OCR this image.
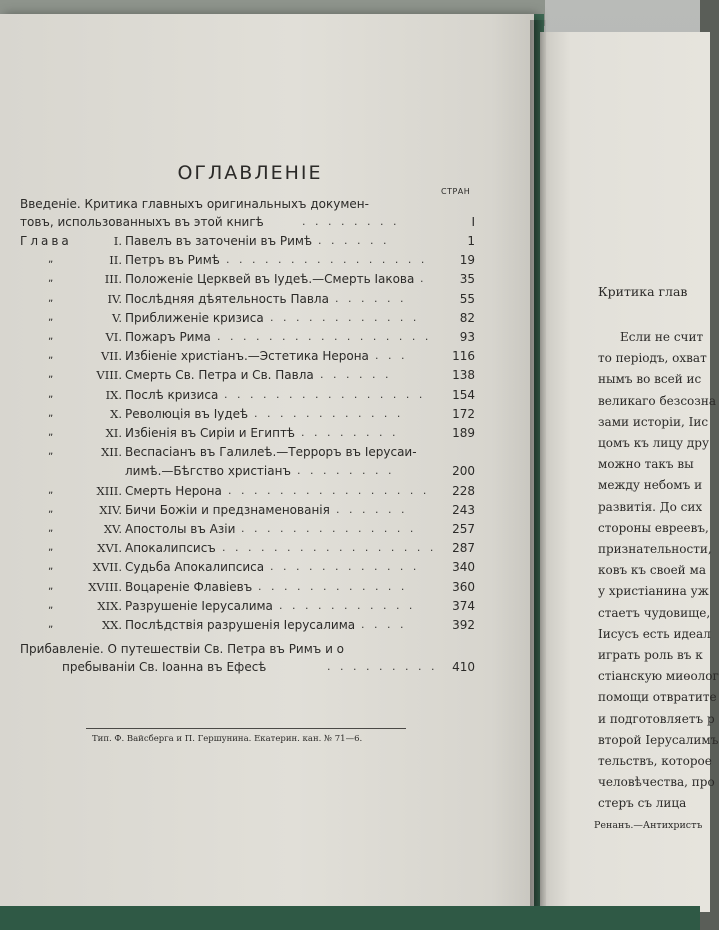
ОГЛАВЛЕНІЕ
СТРАН
Введеніе. Критика главныхъ оригинальныхъ докумен-
товъ, использованныхъ въ этой книгѣ	. . . . . . . .	I
Глава	I. Павелъ въ заточеніи въ Римѣ . . . . . .	1
„	II. Петръ въ Римѣ . . . . . . . . . . . . . . . .	19
„	III. Положеніе Церквей въ Іудеѣ.—Смерть Іакова .	35
„	IV. Послѣдняя дѣятельность Павла . . . . . .	55
„	V. Приближеніе кризиса . . . . . . . . . . . .	82
„	VI. Пожаръ Рима . . . . . . . . . . . . . . . . .	93
„	VII. Избіеніе христіанъ.—Эстетика Нерона . . .	116
„	VIII. Смерть Св. Петра и Св. Павла . . . . . .	138
„	IX. Послѣ кризиса . . . . . . . . . . . . . . . .	154
„	X. Революція въ Іудеѣ . . . . . . . . . . . .	172
„	XI. Избіенія въ Сиріи и Египтѣ . . . . . . . .	189
„	XII. Веспасіанъ въ Галилеѣ.—Терроръ въ Іерусаи-
лимѣ.—Бѣгство христіанъ . . . . . . . .	200
„	XIII. Смерть Нерона . . . . . . . . . . . . . . . .	228
„	XIV. Бичи Божіи и предзнаменованія . . . . . .	243
„	XV. Апостолы въ Азіи . . . . . . . . . . . . . .	257
„	XVI. Апокалипсисъ . . . . . . . . . . . . . . . . .	287
„	XVII. Судьба Апокалипсиса . . . . . . . . . . . .	340
„	XVIII. Воцареніе Флавіевъ . . . . . . . . . . . .	360
„	XIX. Разрушеніе Іерусалима . . . . . . . . . . .	374
„	XX. Послѣдствія разрушенія Іерусалима . . . .	392
Прибавленіе. О путешествіи Св. Петра въ Римъ и о
пребываніи Св. Іоанна въ Ефесѣ	. . . . . . . . .	410
Тип. Ф. Вайсберга и П. Гершунина. Екатерин. кан. № 71—6.
Критика глав
Если не счит
то періодъ, охват
нымъ во всей ис
великаго безсозна
зами исторіи, Іис
цомъ къ лицу дру
можно такъ вы
между небомъ и
развитія. До сих
стороны евреевъ,
признательности,
ковъ къ своей ма
у христіанина уж
стаетъ чудовище,
Іисусъ есть идеал
играть роль въ к
стіанскую миөолог
помощи отвратите
и подготовляетъ р
второй Іерусалимъ
тельствъ, которое
человѣчества, про
стеръ съ лица
Ренанъ.—Антихристъ
